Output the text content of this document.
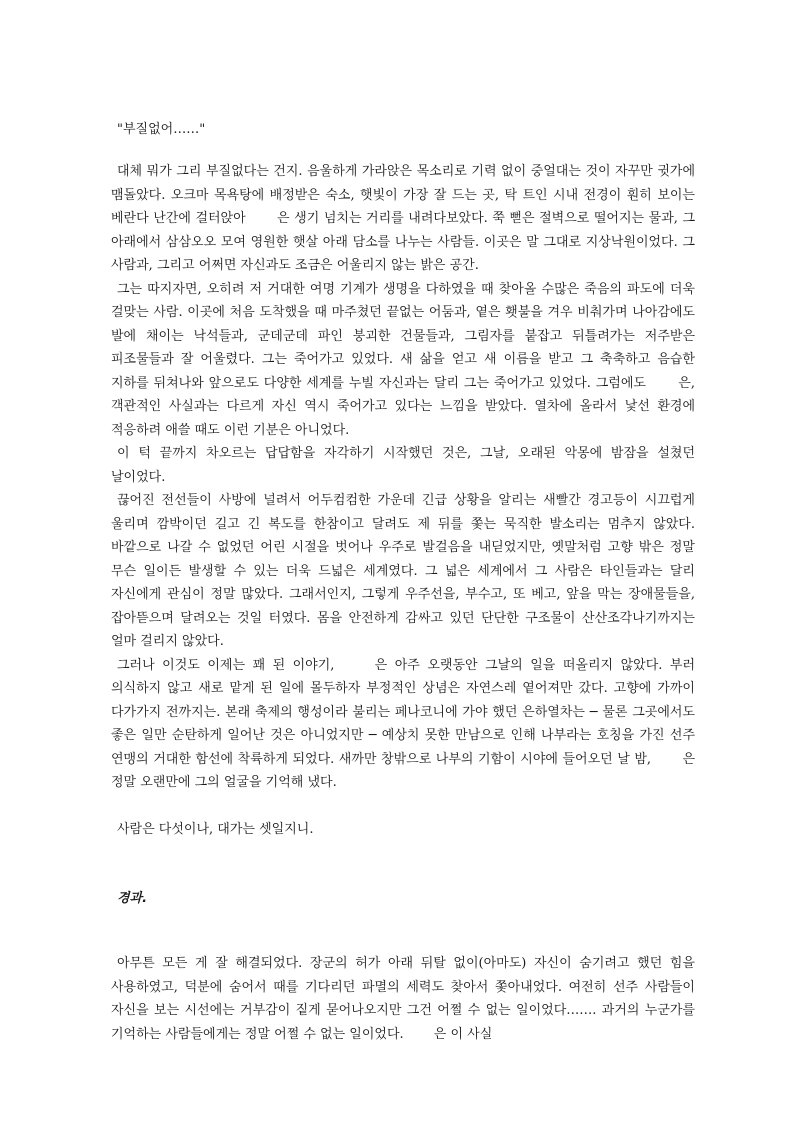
"부질없어……"

대체 뭐가 그리 부질없다는 건지. 음울하게 가라앉은 목소리로 기력 없이 중얼대는 것이 자꾸만 귓가에 맴돌았다. 오크마 목욕탕에 배정받은 숙소, 햇빛이 가장 잘 드는 곳, 탁 트인 시내 전경이 훤히 보이는 베란다 난간에 걸터앉아 　　은 생기 넘치는 거리를 내려다보았다. 쭉 뻗은 절벽으로 떨어지는 물과, 그 아래에서 삼삼오오 모여 영원한 햇살 아래 담소를 나누는 사람들. 이곳은 말 그대로 지상낙원이었다. 그 사람과, 그리고 어쩌면 자신과도 조금은 어울리지 않는 밝은 공간.

그는 따지자면, 오히려 저 거대한 여명 기계가 생명을 다하였을 때 찾아올 수많은 죽음의 파도에 더욱 걸맞는 사람. 이곳에 처음 도착했을 때 마주쳤던 끝없는 어둠과, 옅은 횃불을 겨우 비춰가며 나아감에도 발에 채이는 낙석들과, 군데군데 파인 붕괴한 건물들과, 그림자를 붙잡고 뒤틀려가는 저주받은 피조물들과 잘 어울렸다. 그는 죽어가고 있었다. 새 삶을 얻고 새 이름을 받고 그 축축하고 음습한 지하를 뒤쳐나와 앞으로도 다양한 세계를 누빌 자신과는 달리 그는 죽어가고 있었다. 그럼에도 　　은, 객관적인 사실과는 다르게 자신 역시 죽어가고 있다는 느낌을 받았다. 열차에 올라서 낯선 환경에 적응하려 애쓸 때도 이런 기분은 아니었다.

이 턱 끝까지 차오르는 답답함을 자각하기 시작했던 것은, 그날, 오래된 악몽에 밤잠을 설쳤던 날이었다.

끊어진 전선들이 사방에 널려서 어두컴컴한 가운데 긴급 상황을 알리는 새빨간 경고등이 시끄럽게 울리며 깜박이던 길고 긴 복도를 한참이고 달려도 제 뒤를 쫓는 묵직한 발소리는 멈추지 않았다. 바깥으로 나갈 수 없었던 어린 시절을 벗어나 우주로 발걸음을 내딛었지만, 옛말처럼 고향 밖은 정말 무슨 일이든 발생할 수 있는 더욱 드넓은 세계였다. 그 넓은 세계에서 그 사람은 타인들과는 달리 자신에게 관심이 정말 많았다. 그래서인지, 그렇게 우주선을, 부수고, 또 베고, 앞을 막는 장애물들을, 잡아뜯으며 달려오는 것일 터였다. 몸을 안전하게 감싸고 있던 단단한 구조물이 산산조각나기까지는 얼마 걸리지 않았다.

그러나 이것도 이제는 꽤 된 이야기, 　　은 아주 오랫동안 그날의 일을 떠올리지 않았다. 부러 의식하지 않고 새로 맡게 된 일에 몰두하자 부정적인 상념은 자연스레 옅어져만 갔다. 고향에 가까이 다가가지 전까지는. 본래 축제의 행성이라 불리는 페나코니에 가야 했던 은하열차는 ─ 물론 그곳에서도 좋은 일만 순탄하게 일어난 것은 아니었지만 ─ 예상치 못한 만남으로 인해 나부라는 호칭을 가진 선주 연맹의 거대한 함선에 착륙하게 되었다. 새까만 창밖으로 나부의 기함이 시야에 들어오던 날 밤, 　　은 정말 오랜만에 그의 얼굴을 기억해 냈다.

사람은 다섯이나, 대가는 셋일지니.

경과.

아무튼 모든 게 잘 해결되었다. 장군의 허가 아래 뒤탈 없이(아마도) 자신이 숨기려고 했던 힘을 사용하였고, 덕분에 숨어서 때를 기다리던 파멸의 세력도 찾아서 쫓아내었다. 여전히 선주 사람들이 자신을 보는 시선에는 거부감이 짙게 묻어나오지만 그건 어쩔 수 없는 일이었다……. 과거의 누군가를 기억하는 사람들에게는 정말 어쩔 수 없는 일이었다. 　　은 이 사실
